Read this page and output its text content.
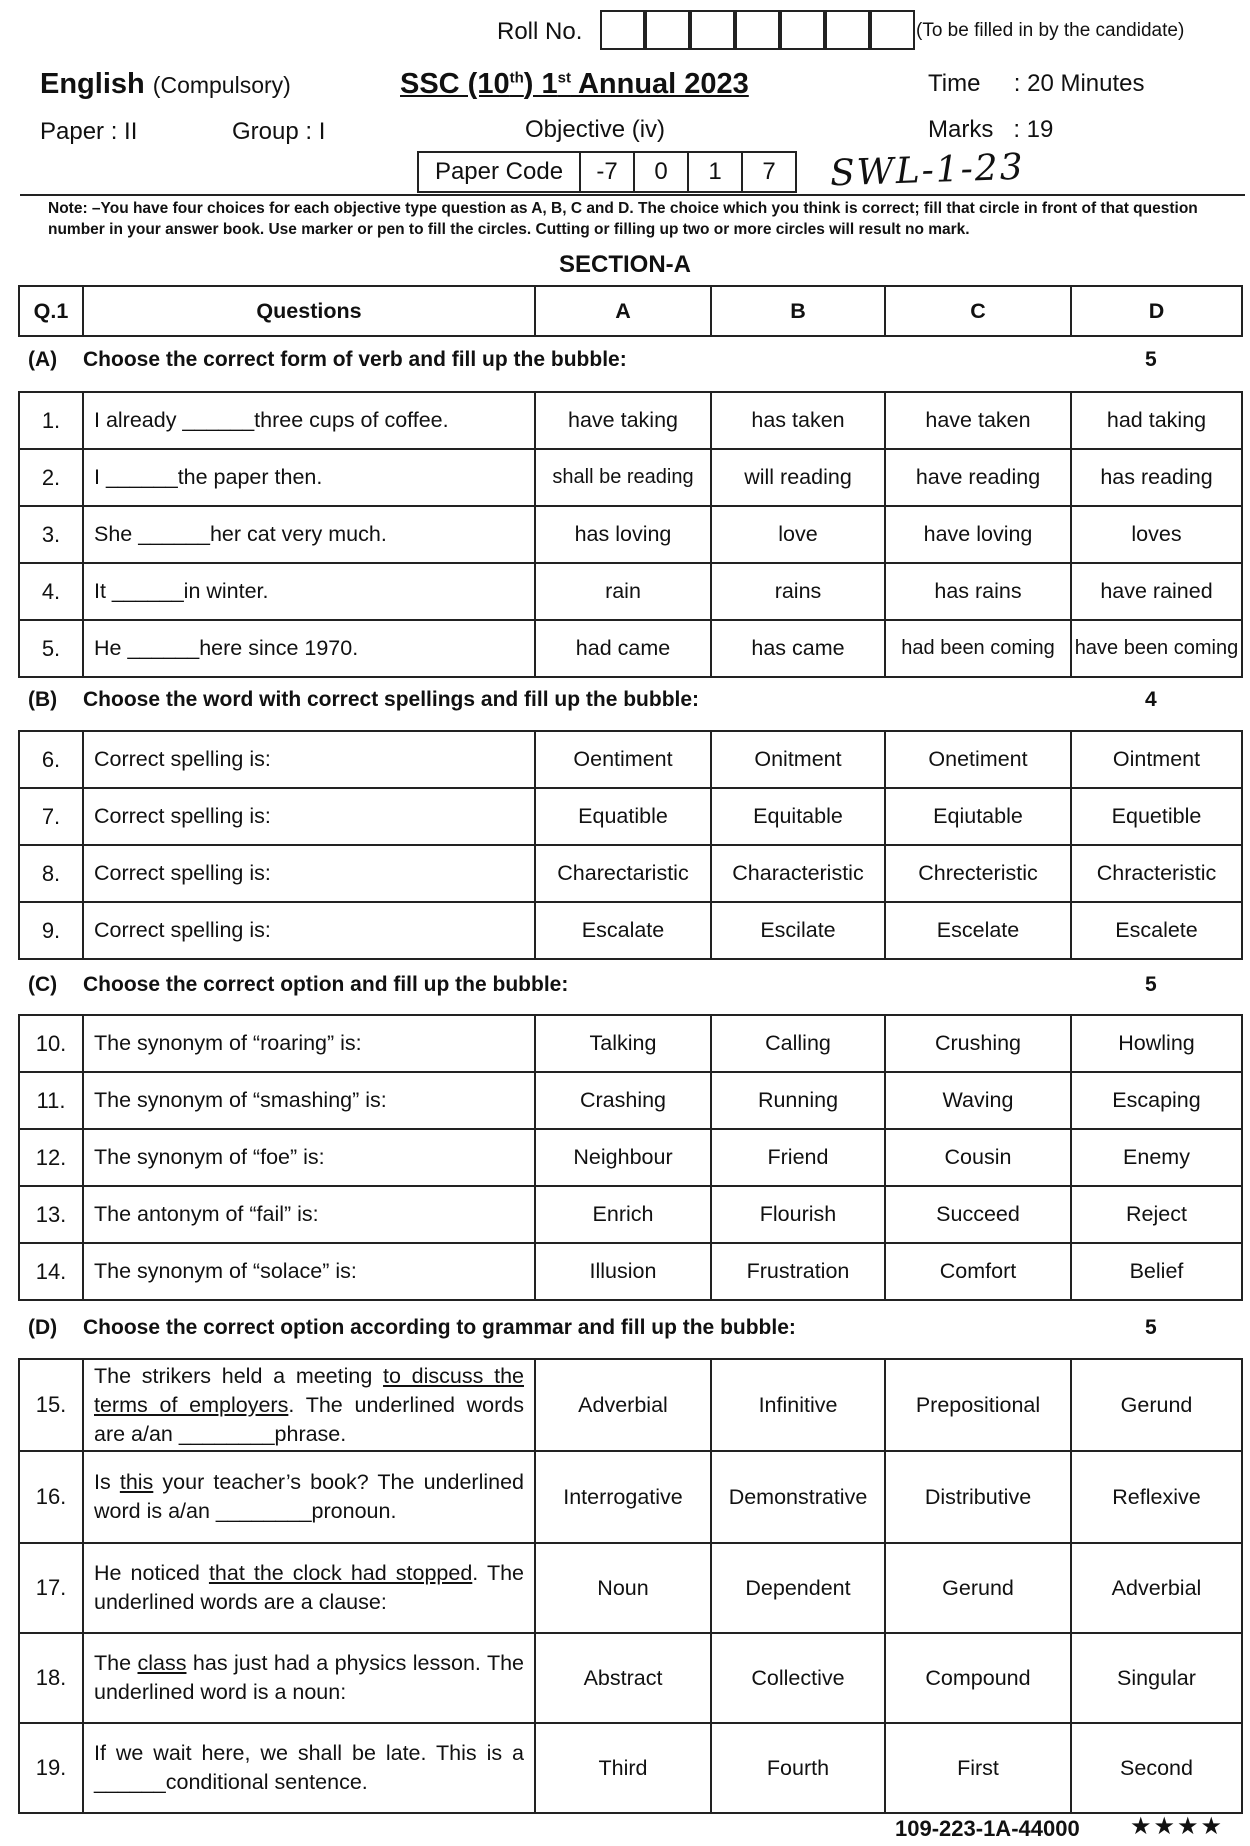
Roll No.	(To be filled in by the candidate)
English (Compulsory)	SSC (10th) 1st Annual 2023	Time     : 20 Minutes
Paper : II	Group : I	Objective (iv)	Marks   : 19
Paper Code	-7	0	1	7	SWL-1-23
Note: –You have four choices for each objective type question as A, B, C and D. The choice which you think is correct; fill that circle in front of that question number in your answer book. Use marker or pen to fill the circles. Cutting or filling up two or more circles will result no mark.
SECTION-A
Q.1	Questions	A	B	C	D
(A) Choose the correct form of verb and fill up the bubble:	5
1.	I already ______three cups of coffee.	have taking	has taken	have taken	had taking
2.	I ______the paper then.	shall be reading	will reading	have reading	has reading
3.	She ______her cat very much.	has loving	love	have loving	loves
4.	It ______in winter.	rain	rains	has rains	have rained
5.	He ______here since 1970.	had came	has came	had been coming	have been coming
(B) Choose the word with correct spellings and fill up the bubble:	4
6.	Correct spelling is:	Oentiment	Onitment	Onetiment	Ointment
7.	Correct spelling is:	Equatible	Equitable	Eqiutable	Equetible
8.	Correct spelling is:	Charectaristic	Characteristic	Chrecteristic	Chracteristic
9.	Correct spelling is:	Escalate	Escilate	Escelate	Escalete
(C) Choose the correct option and fill up the bubble:	5
10.	The synonym of “roaring” is:	Talking	Calling	Crushing	Howling
11.	The synonym of “smashing” is:	Crashing	Running	Waving	Escaping
12.	The synonym of “foe” is:	Neighbour	Friend	Cousin	Enemy
13.	The antonym of “fail” is:	Enrich	Flourish	Succeed	Reject
14.	The synonym of “solace” is:	Illusion	Frustration	Comfort	Belief
(D) Choose the correct option according to grammar and fill up the bubble:	5
15.	The strikers held a meeting to discuss the terms of employers. The underlined words are a/an ________phrase.	Adverbial	Infinitive	Prepositional	Gerund
16.	Is this your teacher’s book? The underlined word is a/an ________pronoun.	Interrogative	Demonstrative	Distributive	Reflexive
17.	He noticed that the clock had stopped. The underlined words are a clause:	Noun	Dependent	Gerund	Adverbial
18.	The class has just had a physics lesson. The underlined word is a noun:	Abstract	Collective	Compound	Singular
19.	If we wait here, we shall be late. This is a ______conditional sentence.	Third	Fourth	First	Second
109-223-1A-44000 ★★★★
